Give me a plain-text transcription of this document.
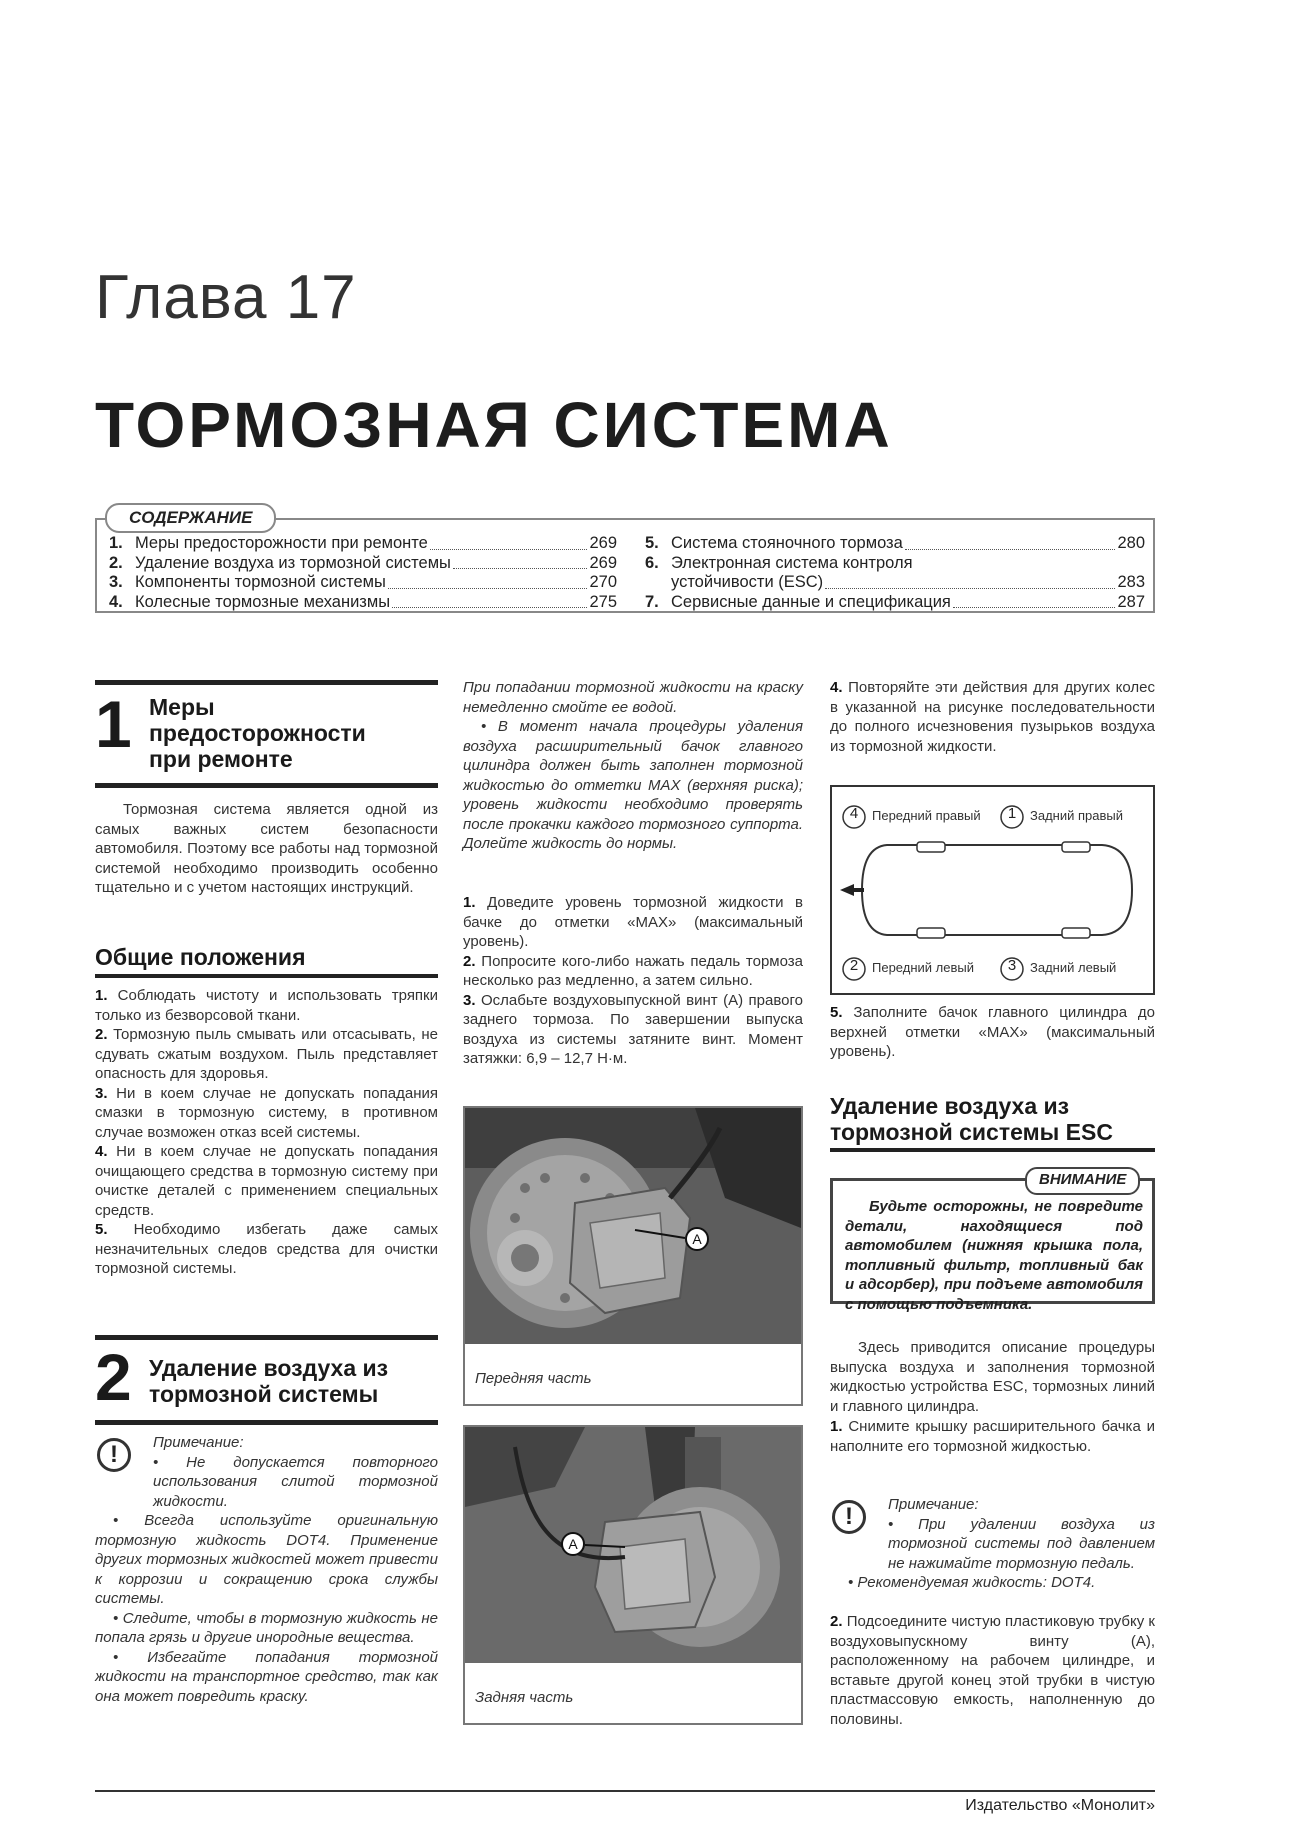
Глава 17
ТОРМОЗНАЯ СИСТЕМА
1. Меры предосторожности при ремонте	269
2. Удаление воздуха из тормозной системы	269
3. Компоненты тормозной системы	270
4. Колесные тормозные механизмы	275
5. Система стояночного тормоза	280
6. Электронная система контроля
устойчивости (ESC)	283
7. Сервисные данные и спецификация	287
СОДЕРЖАНИЕ
1 Меры
предосторожности
при ремонте
Тормозная система является одной из самых важных систем безопасности автомобиля. Поэтому все работы над тормозной системой необходимо производить особенно тщательно и с учетом настоящих инструкций.
Общие положения
1. Соблюдать чистоту и использовать тряпки только из безворсовой ткани.
2. Тормозную пыль смывать или отсасывать, не сдувать сжатым воздухом. Пыль представляет опасность для здоровья.
3. Ни в коем случае не допускать попадания смазки в тормозную систему, в противном случае возможен отказ всей системы.
4. Ни в коем случае не допускать попадания очищающего средства в тормозную систему при очистке деталей с применением специальных средств.
5. Необходимо избегать даже самых незначительных следов средства для очистки тормозной системы.
2 Удаление воздуха из
тормозной системы
!	Примечание:
• Не допускается повторного использования слитой тормозной жидкости.
• Всегда используйте оригинальную тормозную жидкость DOT4. Применение других тормозных жидкостей может привести к коррозии и сокращению срока службы системы.
• Следите, чтобы в тормозную жидкость не попала грязь и другие инородные вещества.
• Избегайте попадания тормозной жидкости на транспортное средство, так как она может повредить краску.
При попадании тормозной жидкости на краску немедленно смойте ее водой.
• В момент начала процедуры удаления воздуха расширительный бачок главного цилиндра должен быть заполнен тормозной жидкостью до отметки MAX (верхняя риска); уровень жидкости необходимо проверять после прокачки каждого тормозного суппорта. Долейте жидкость до нормы.
1. Доведите уровень тормозной жидкости в бачке до отметки «MAX» (максимальный уровень).
2. Попросите кого-либо нажать педаль тормоза несколько раз медленно, а затем сильно.
3. Ослабьте воздуховыпускной винт (A) правого заднего тормоза. По завершении выпуска воздуха из системы затяните винт. Момент затяжки: 6,9 – 12,7 Н·м.
A
Передняя часть
A
Задняя часть
4. Повторяйте эти действия для других колес в указанной на рисунке последовательности до полного исчезновения пузырьков воздуха из тормозной жидкости.
4	Передний правый	1	Задний правый
2	Передний левый	3	Задний левый
5. Заполните бачок главного цилиндра до верхней отметки «MAX» (максимальный уровень).
Удаление воздуха из
тормозной системы ESC
Будьте осторожны, не повредите детали, находящиеся под автомобилем (нижняя крышка пола, топливный фильтр, топливный бак и адсорбер), при подъеме автомобиля с помощью подъемника.
ВНИМАНИЕ
Здесь приводится описание процедуры выпуска воздуха и заполнения тормозной жидкостью устройства ESC, тормозных линий и главного цилиндра.
1. Снимите крышку расширительного бачка и наполните его тормозной жидкостью.
!	Примечание:
• При удалении воздуха из тормозной системы под давлением не нажимайте тормозную педаль.
• Рекомендуемая жидкость: DOT4.
2. Подсоедините чистую пластиковую трубку к воздуховыпускному винту (A), расположенному на рабочем цилиндре, и вставьте другой конец этой трубки в чистую пластмассовую емкость, наполненную до половины.
Издательство «Монолит»
